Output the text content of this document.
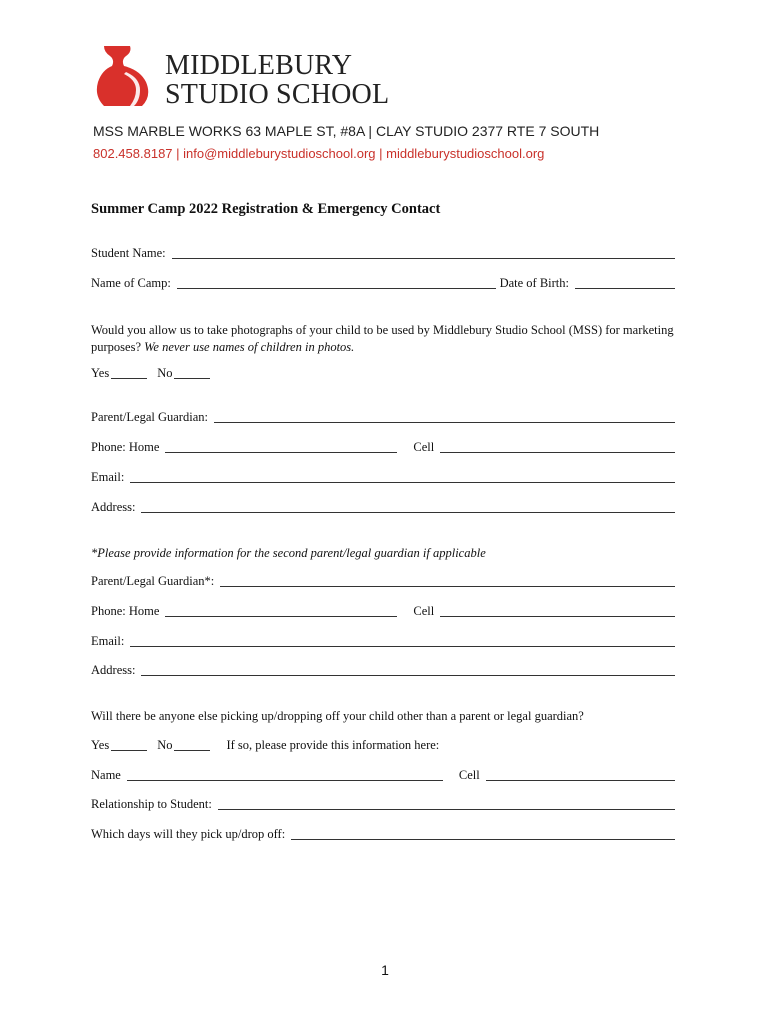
MIDDLEBURY
STUDIO SCHOOL
MSS MARBLE WORKS 63 MAPLE ST, #8A | CLAY STUDIO 2377 RTE 7 SOUTH
802.458.8187 | info@middleburystudioschool.org | middleburystudioschool.org
Summer Camp 2022 Registration & Emergency Contact
Student Name:
Name of Camp:	Date of Birth:
Would you allow us to take photographs of your child to be used by Middlebury Studio School (MSS) for marketing purposes? We never use names of children in photos.
Yes	No
Parent/Legal Guardian:
Phone: Home	Cell
Email:
Address:
*Please provide information for the second parent/legal guardian if applicable
Parent/Legal Guardian*:
Phone: Home	Cell
Email:
Address:
Will there be anyone else picking up/dropping off your child other than a parent or legal guardian?
Yes	No	If so, please provide this information here:
Name	Cell
Relationship to Student:
Which days will they pick up/drop off:
1
